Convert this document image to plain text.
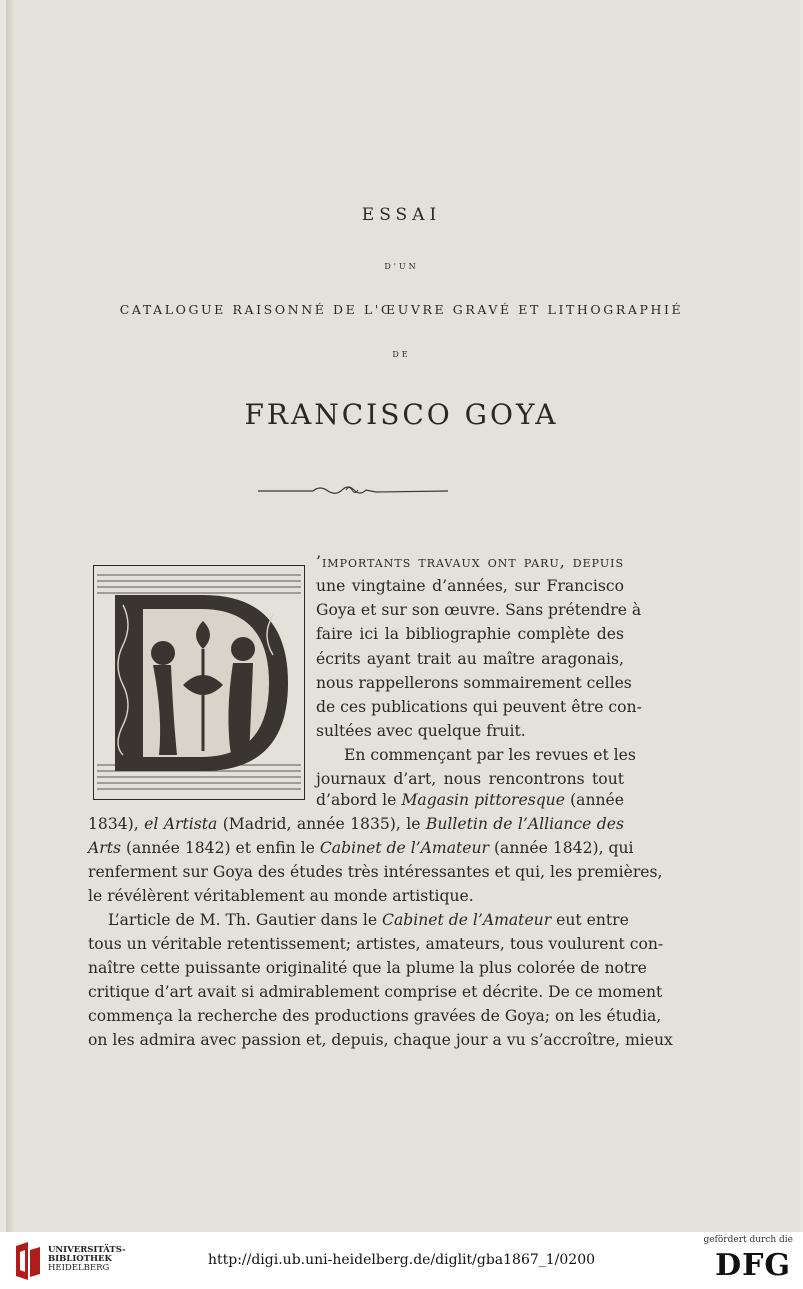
ESSAI
D'UN
CATALOGUE RAISONNÉ DE L'ŒUVRE GRAVÉ ET LITHOGRAPHIÉ
DE
FRANCISCO GOYA
’importants travaux ont paru, depuis
une vingtaine d’années, sur Francisco
Goya et sur son œuvre. Sans prétendre à
faire ici la bibliographie complète des
écrits ayant trait au maître aragonais,
nous rappellerons sommairement celles
de ces publications qui peuvent être con-
sultées avec quelque fruit.
En commençant par les revues et les
journaux d’art, nous rencontrons tout
d’abord le Magasin pittoresque (année
1834), el Artista (Madrid, année 1835), le Bulletin de l’Alliance des
Arts (année 1842) et enfin le Cabinet de l’Amateur (année 1842), qui
renferment sur Goya des études très intéressantes et qui, les premières,
le révélèrent véritablement au monde artistique.
L’article de M. Th. Gautier dans le Cabinet de l’Amateur eut entre
tous un véritable retentissement; artistes, amateurs, tous voulurent con-
naître cette puissante originalité que la plume la plus colorée de notre
critique d’art avait si admirablement comprise et décrite. De ce moment
commença la recherche des productions gravées de Goya; on les étudia,
on les admira avec passion et, depuis, chaque jour a vu s’accroître, mieux
UNIVERSITÄTS-
BIBLIOTHEK
HEIDELBERG	http://digi.ub.uni-heidelberg.de/diglit/gba1867_1/0200
gefördert durch die
DFG
